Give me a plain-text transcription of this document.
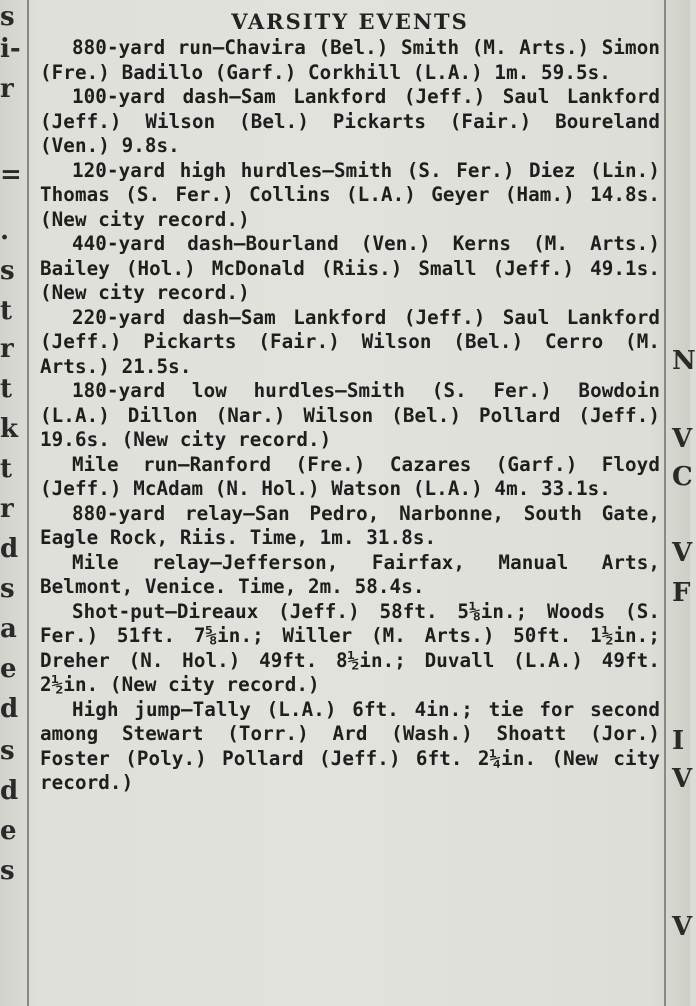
s
i-
r
=
.
s
t
r
t
k
t
r
d
s
a
e
d
s
d
e
s
N
V
C
V
F
I
V
V
VARSITY EVENTS

880-yard run—Chavira (Bel.) Smith (M. Arts.) Simon (Fre.) Badillo (Garf.) Corkhill (L.A.) 1m. 59.5s.

100-yard dash—Sam Lankford (Jeff.) Saul Lankford (Jeff.) Wilson (Bel.) Pickarts (Fair.) Boureland (Ven.) 9.8s.

120-yard high hurdles—Smith (S. Fer.) Diez (Lin.) Thomas (S. Fer.) Collins (L.A.) Geyer (Ham.) 14.8s. (New city record.)

440-yard dash—Bourland (Ven.) Kerns (M. Arts.) Bailey (Hol.) McDonald (Riis.) Small (Jeff.) 49.1s. (New city record.)

220-yard dash—Sam Lankford (Jeff.) Saul Lankford (Jeff.) Pickarts (Fair.) Wilson (Bel.) Cerro (M. Arts.) 21.5s.

180-yard low hurdles—Smith (S. Fer.) Bowdoin (L.A.) Dillon (Nar.) Wilson (Bel.) Pollard (Jeff.) 19.6s. (New city record.)

Mile run—Ranford (Fre.) Cazares (Garf.) Floyd (Jeff.) McAdam (N. Hol.) Watson (L.A.) 4m. 33.1s.

880-yard relay—San Pedro, Narbonne, South Gate, Eagle Rock, Riis. Time, 1m. 31.8s.

Mile relay—Jefferson, Fairfax, Manual Arts, Belmont, Venice. Time, 2m. 58.4s.

Shot-put—Direaux (Jeff.) 58ft. 5⅛in.; Woods (S. Fer.) 51ft. 7⅝in.; Willer (M. Arts.) 50ft. 1½in.; Dreher (N. Hol.) 49ft. 8½in.; Duvall (L.A.) 49ft. 2½in. (New city record.)

High jump—Tally (L.A.) 6ft. 4in.; tie for second among Stewart (Torr.) Ard (Wash.) Shoatt (Jor.) Foster (Poly.) Pollard (Jeff.) 6ft. 2¼in. (New city record.)
